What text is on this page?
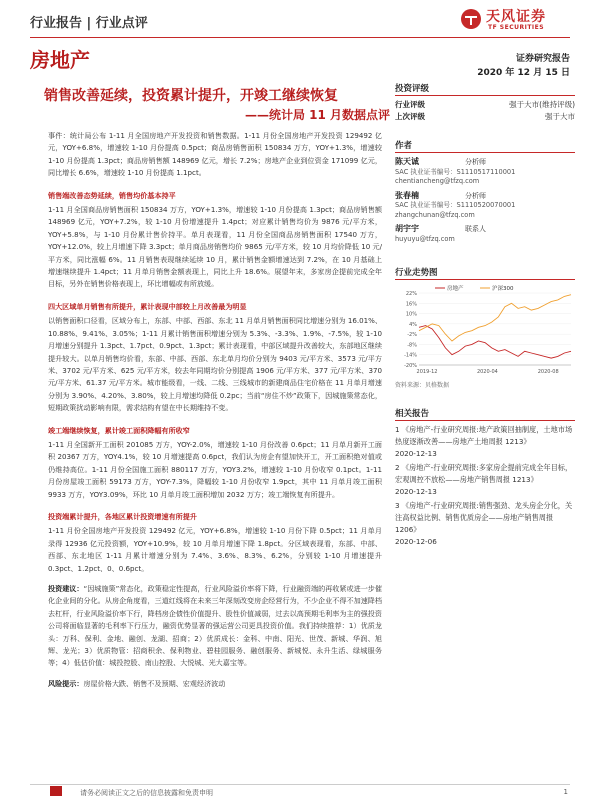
行业报告 | 行业点评	天风证券
TF SECURITIES
房地产	证券研究报告
2020 年 12 月 15 日
销售改善延续，投资累计提升，开竣工继续恢复
——统计局 11 月数据点评

事件：统计局公布 1-11 月全国房地产开发投资和销售数据。1-11 月份全国房地产开发投资 129492 亿元，YOY+6.8%，增速较 1-10 月份提高 0.5pct；商品房销售面积 150834 万方，YOY+1.3%，增速较 1-10 月份提高 1.3pct；商品房销售额 148969 亿元，增长 7.2%；房地产企业到位资金 171099 亿元，同比增长 6.6%，增速较 1-10 月份提高 1.1pct。

销售端改善态势延续，销售均价基本持平

1-11 月全国商品房销售面积 150834 万方，YOY+1.3%，增速较 1-10 月份提高 1.3pct；商品房销售额 148969 亿元，YOY+7.2%，较 1-10 月份增速提升 1.4pct；对应累计销售均价为 9876 元/平方米，YOY+5.8%，与 1-10 月份累计售价持平。单月表现看，11 月份全国商品房销售面积 17540 万方，YOY+12.0%，较上月增速下降 3.3pct；单月商品房销售均价 9865 元/平方米，较 10 月均价降低 10 元/平方米，同比涨幅 6%。11 月销售表现继续延续 10 月，累计销售金额增速达到 7.2%，在 10 月基础上增速继续提升 1.4pct；11 月单月销售金额表现上，同比上升 18.6%。展望年末，多家房企提前完成全年目标，另外在销售价格表现上，环比增幅或有所放缓。

四大区域单月销售有所提升，累计表现中部较上月改善最为明显

以销售面积口径看，区域分布上，东部、中部、西部、东北 11 月单月销售面积同比增速分别为 16.01%、10.88%、9.41%、3.05%；1-11 月累计销售面积增速分别为 5.3%、-3.3%、1.9%、-7.5%，较 1-10 月增速分别提升 1.3pct、1.7pct、0.9pct、1.3pct；累计表现看，中部区域提升改善较大，东部地区继续提升较大。以单月销售均价看，东部、中部、西部、东北单月均价分别为 9403 元/平方米、3573 元/平方米、3702 元/平方米、625 元/平方米，较去年同期均价分别提高 1906 元/平方米、377 元/平方米、370 元/平方米、61.37 元/平方米。城市能级看，一线、二线、三线城市的新建商品住宅价格在 11 月单月增速分别为 3.90%、4.20%、3.80%，较上月增速均降低 0.2pc；当前“房住不炒”政策下，因城施策常态化，短期政策扰动影响有限，需求结构有望在中长期维持不变。

竣工端继续恢复，累计竣工面积降幅有所收窄

1-11 月全国新开工面积 201085 万方，YOY-2.0%，增速较 1-10 月份改善 0.6pct；11 月单月新开工面积 20367 万方，YOY4.1%，较 10 月增速提高 0.6pct，我们认为房企有望加快开工，开工面积绝对值或仍维持高位。1-11 月份全国施工面积 880117 万方，YOY3.2%，增速较 1-10 月份收窄 0.1pct。1-11 月份房屋竣工面积 59173 万方，YOY-7.3%，降幅较 1-10 月份收窄 1.9pct，其中 11 月单月竣工面积 9933 万方，YOY3.09%，环比 10 月单月竣工面积增加 2032 万方；竣工端恢复有所提升。

投资端累计提升，各地区累计投资增速有所提升

1-11 月份全国房地产开发投资 129492 亿元，YOY+6.8%，增速较 1-10 月份下降 0.5pct；11 月单月录得 12936 亿元投资额，YOY+10.9%，较 10 月单月增速下降 1.8pct。分区域表现看，东部、中部、西部、东北地区 1-11 月累计增速分别为 7.4%、3.6%、8.3%、6.2%，分别较 1-10 月增速提升 0.3pct、1.2pct、0、0.6pct。

投资建议：“因城施策”常态化，政策稳定性提高，行业风险溢价率将下降，行业融资端的再收紧或进一步催化企业间的分化。从房企角度看，三道红线将在未来三年深刻改变房企经营行为，不少企业不得不加速降档去杠杆，行业风险溢价率下行，降档房企债性价值提升、股性价值减弱，过去以高预期毛利率为主的强投资公司将面临显著的毛利率下行压力，融资优势显著的强运营公司更具投资价值。我们持续推荐：1）优质龙头：万科、保利、金地、融创、龙湖、招商；2）优质成长：金科、中南、阳光、世茂、新城、华润、旭辉、龙光；3）优质物管：招商积余、保利物业、碧桂园服务、融创服务、新城悦、永升生活、绿城服务等；4）低估价值：城投控股、南山控股、大悦城、光大嘉宝等。

风险提示：房屋价格大跌、销售不及预期、宏观经济波动

投资评级
行业评级	强于大市(维持评级)
上次评级	强于大市
作者
陈天诚	分析师
SAC 执业证书编号：S1110517110001
chentiancheng@tfzq.com
张春楠	分析师
SAC 执业证书编号：S1110520070001
zhangchunan@tfzq.com
胡宇宇	联系人
huyuyu@tfzq.com
行业走势图
22%
16%
10%
4%
-2%
-8%
-14%
-20%
2019-12	2020-04	2020-08
房地产	沪深300
资料来源：贝格数据
相关报告
1 《房地产-行业研究周报:地产政策回抽制度，土地市场热度逐渐改善——房地产土地周报 1213》
2020-12-13
2 《房地产-行业研究周报:多家房企提前完成全年目标，宏观调控不放松——房地产销售周报 1213》
2020-12-13
3 《房地产-行业研究周报:销售强劲、龙头房企分化，关注高权益比例、销售优质房企——房地产销售周报 1206》
2020-12-06
请务必阅读正文之后的信息披露和免责申明	1
